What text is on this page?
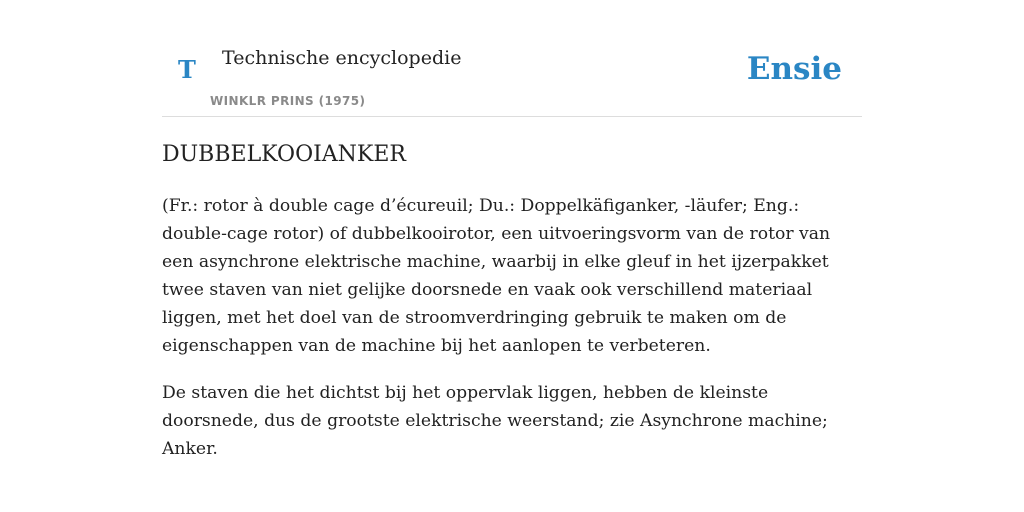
T Technische encyclopedie
WINKLR PRINS (1975)
Ensie
DUBBELKOOIANKER

(Fr.: rotor à double cage d’écureuil; Du.: Doppelkäfiganker, -läufer; Eng.: double-cage rotor) of dubbelkooirotor, een uitvoeringsvorm van de rotor van een asynchrone elektrische machine, waarbij in elke gleuf in het ijzerpakket twee staven van niet gelijke doorsnede en vaak ook verschillend materiaal liggen, met het doel van de stroomverdringing gebruik te maken om de eigenschappen van de machine bij het aanlopen te verbeteren.

De staven die het dichtst bij het oppervlak liggen, hebben de kleinste doorsnede, dus de grootste elektrische weerstand; zie Asynchrone machine; Anker.
